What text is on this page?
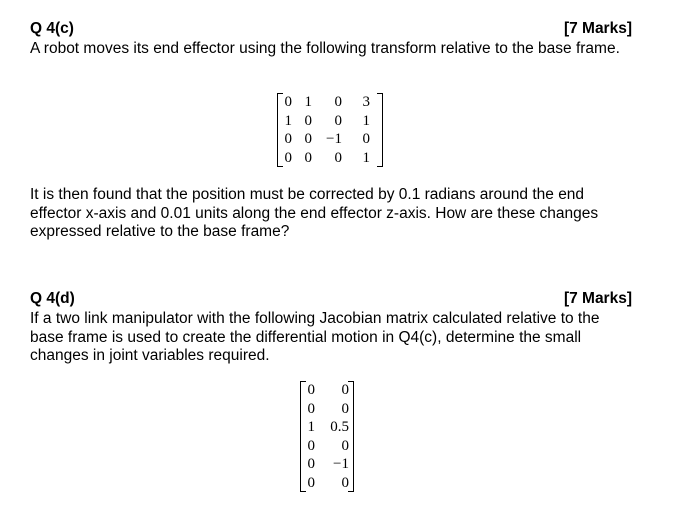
Q 4(c)	[7 Marks]

A robot moves its end effector using the following transform relative to the base frame.

0	1	0	3
1	0	0	1
0	0	−1	0
0	0	0	1

It is then found that the position must be corrected by 0.1 radians around the end effector x-axis and 0.01 units along the end effector z-axis. How are these changes expressed relative to the base frame?

Q 4(d)	[7 Marks]

If a two link manipulator with the following Jacobian matrix calculated relative to the base frame is used to create the differential motion in Q4(c), determine the small changes in joint variables required.

0	0
0	0
1	0.5
0	0
0	−1
0	0
